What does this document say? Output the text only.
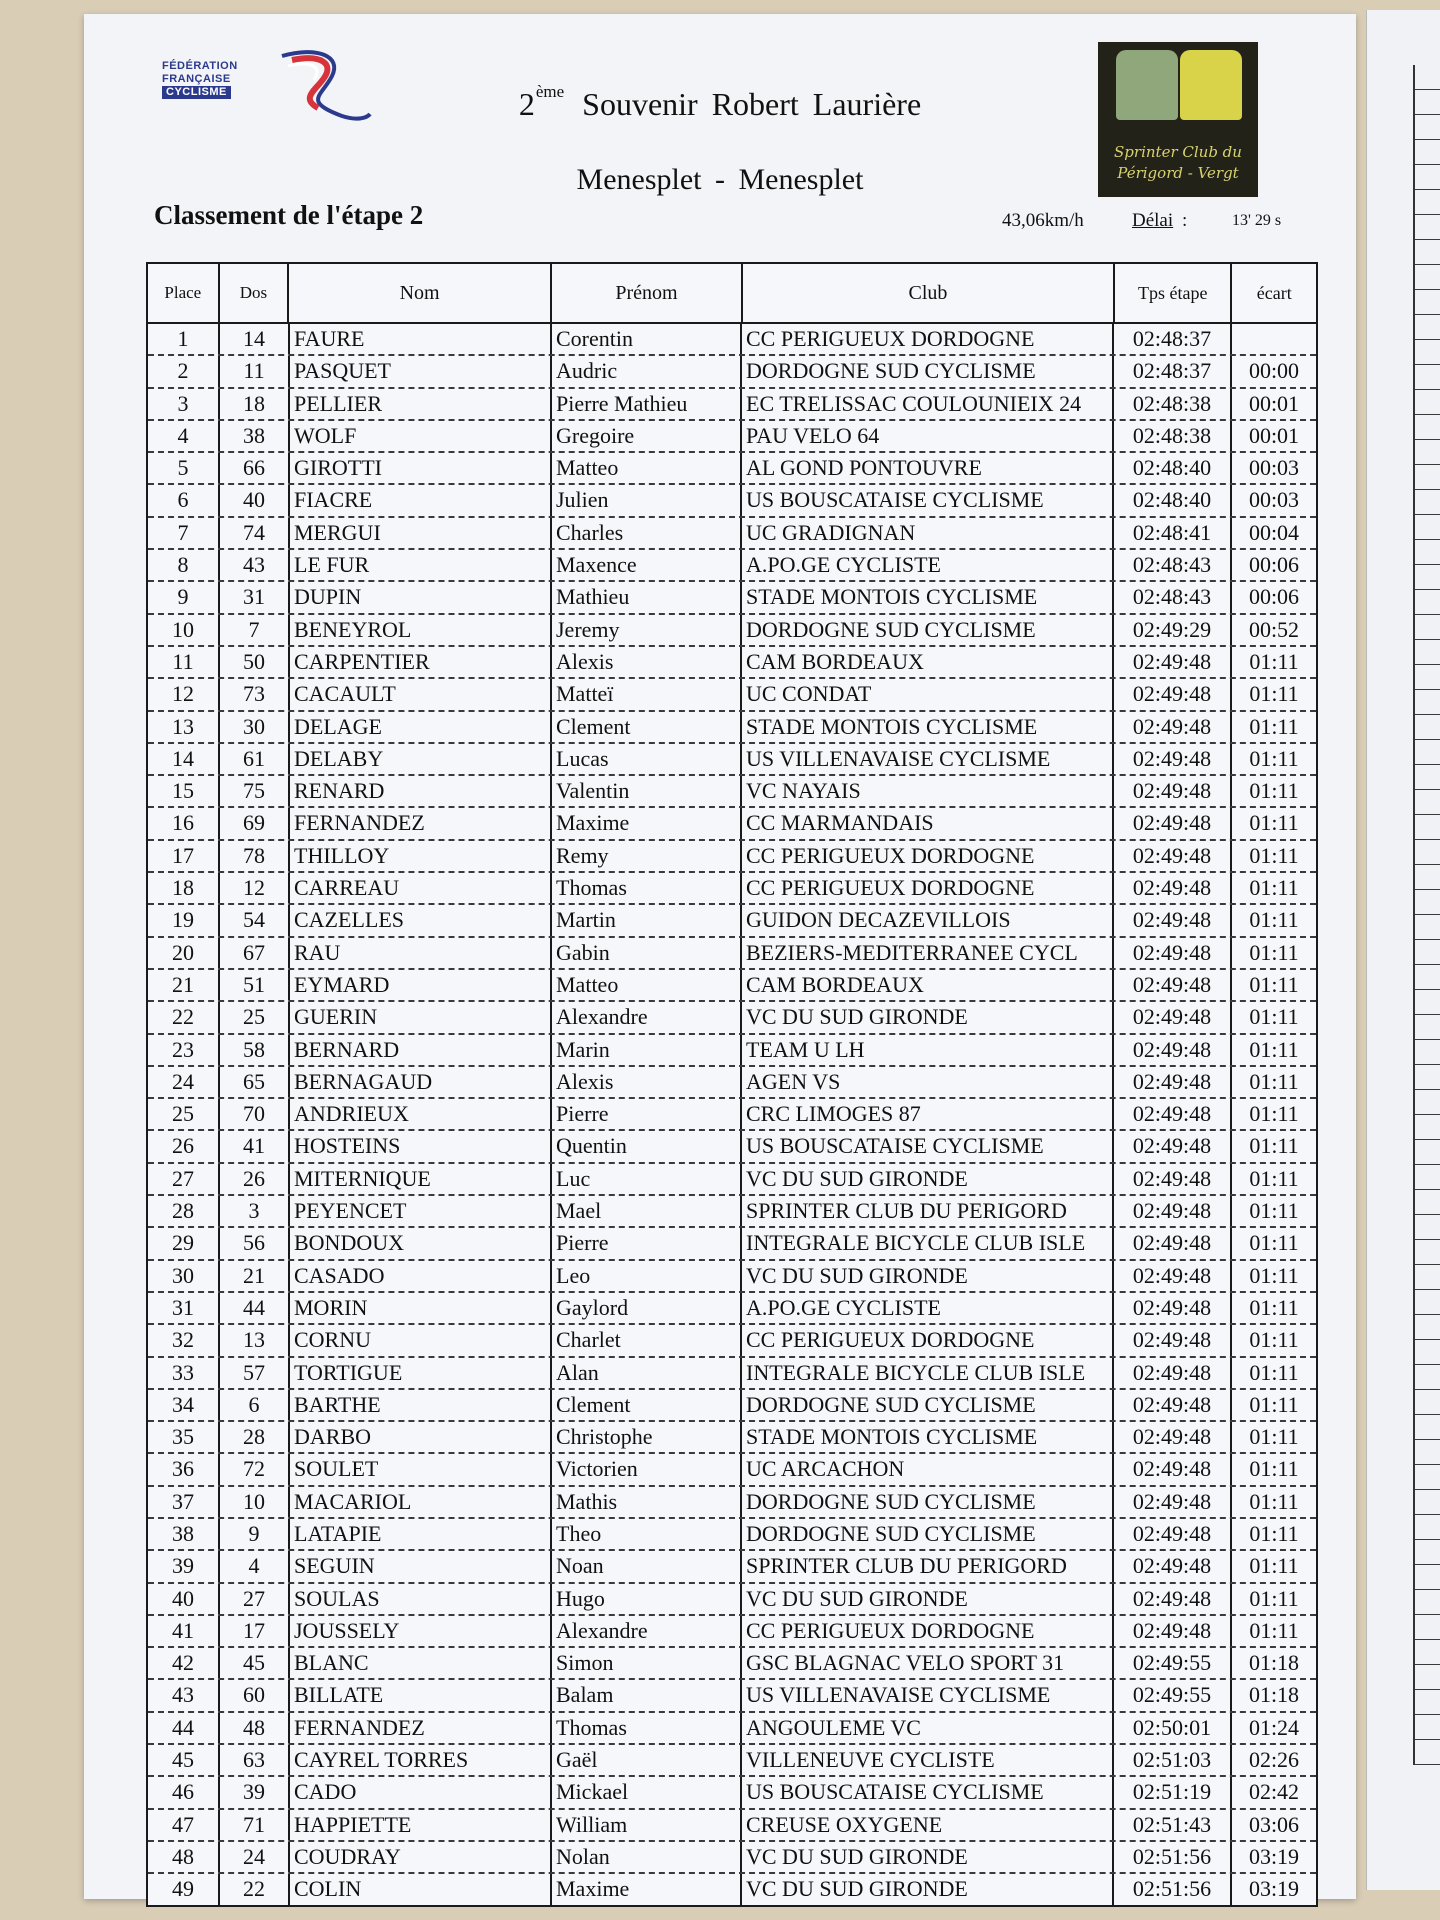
FÉDÉRATION
FRANÇAISE
CYCLISME	2ème Souvenir Robert Laurière
Menesplet - Menesplet
Classement de l'étape 2	43,06km/h	Délai :	13' 29 s
Sprinter Club du
Périgord - Vergt
Place	Dos	Nom	Prénom	Club	Tps étape	écart
1	14	FAURE	Corentin	CC PERIGUEUX DORDOGNE	02:48:37
2	11	PASQUET	Audric	DORDOGNE SUD CYCLISME	02:48:37	00:00
3	18	PELLIER	Pierre Mathieu	EC TRELISSAC COULOUNIEIX 24	02:48:38	00:01
4	38	WOLF	Gregoire	PAU VELO 64	02:48:38	00:01
5	66	GIROTTI	Matteo	AL GOND PONTOUVRE	02:48:40	00:03
6	40	FIACRE	Julien	US BOUSCATAISE CYCLISME	02:48:40	00:03
7	74	MERGUI	Charles	UC GRADIGNAN	02:48:41	00:04
8	43	LE FUR	Maxence	A.PO.GE CYCLISTE	02:48:43	00:06
9	31	DUPIN	Mathieu	STADE MONTOIS CYCLISME	02:48:43	00:06
10	7	BENEYROL	Jeremy	DORDOGNE SUD CYCLISME	02:49:29	00:52
11	50	CARPENTIER	Alexis	CAM BORDEAUX	02:49:48	01:11
12	73	CACAULT	Matteï	UC CONDAT	02:49:48	01:11
13	30	DELAGE	Clement	STADE MONTOIS CYCLISME	02:49:48	01:11
14	61	DELABY	Lucas	US VILLENAVAISE CYCLISME	02:49:48	01:11
15	75	RENARD	Valentin	VC NAYAIS	02:49:48	01:11
16	69	FERNANDEZ	Maxime	CC MARMANDAIS	02:49:48	01:11
17	78	THILLOY	Remy	CC PERIGUEUX DORDOGNE	02:49:48	01:11
18	12	CARREAU	Thomas	CC PERIGUEUX DORDOGNE	02:49:48	01:11
19	54	CAZELLES	Martin	GUIDON DECAZEVILLOIS	02:49:48	01:11
20	67	RAU	Gabin	BEZIERS-MEDITERRANEE CYCL	02:49:48	01:11
21	51	EYMARD	Matteo	CAM BORDEAUX	02:49:48	01:11
22	25	GUERIN	Alexandre	VC DU SUD GIRONDE	02:49:48	01:11
23	58	BERNARD	Marin	TEAM U LH	02:49:48	01:11
24	65	BERNAGAUD	Alexis	AGEN VS	02:49:48	01:11
25	70	ANDRIEUX	Pierre	CRC LIMOGES 87	02:49:48	01:11
26	41	HOSTEINS	Quentin	US BOUSCATAISE CYCLISME	02:49:48	01:11
27	26	MITERNIQUE	Luc	VC DU SUD GIRONDE	02:49:48	01:11
28	3	PEYENCET	Mael	SPRINTER CLUB DU PERIGORD	02:49:48	01:11
29	56	BONDOUX	Pierre	INTEGRALE BICYCLE CLUB ISLE	02:49:48	01:11
30	21	CASADO	Leo	VC DU SUD GIRONDE	02:49:48	01:11
31	44	MORIN	Gaylord	A.PO.GE CYCLISTE	02:49:48	01:11
32	13	CORNU	Charlet	CC PERIGUEUX DORDOGNE	02:49:48	01:11
33	57	TORTIGUE	Alan	INTEGRALE BICYCLE CLUB ISLE	02:49:48	01:11
34	6	BARTHE	Clement	DORDOGNE SUD CYCLISME	02:49:48	01:11
35	28	DARBO	Christophe	STADE MONTOIS CYCLISME	02:49:48	01:11
36	72	SOULET	Victorien	UC ARCACHON	02:49:48	01:11
37	10	MACARIOL	Mathis	DORDOGNE SUD CYCLISME	02:49:48	01:11
38	9	LATAPIE	Theo	DORDOGNE SUD CYCLISME	02:49:48	01:11
39	4	SEGUIN	Noan	SPRINTER CLUB DU PERIGORD	02:49:48	01:11
40	27	SOULAS	Hugo	VC DU SUD GIRONDE	02:49:48	01:11
41	17	JOUSSELY	Alexandre	CC PERIGUEUX DORDOGNE	02:49:48	01:11
42	45	BLANC	Simon	GSC BLAGNAC VELO SPORT 31	02:49:55	01:18
43	60	BILLATE	Balam	US VILLENAVAISE CYCLISME	02:49:55	01:18
44	48	FERNANDEZ	Thomas	ANGOULEME VC	02:50:01	01:24
45	63	CAYREL TORRES	Gaël	VILLENEUVE CYCLISTE	02:51:03	02:26
46	39	CADO	Mickael	US BOUSCATAISE CYCLISME	02:51:19	02:42
47	71	HAPPIETTE	William	CREUSE OXYGENE	02:51:43	03:06
48	24	COUDRAY	Nolan	VC DU SUD GIRONDE	02:51:56	03:19
49	22	COLIN	Maxime	VC DU SUD GIRONDE	02:51:56	03:19
